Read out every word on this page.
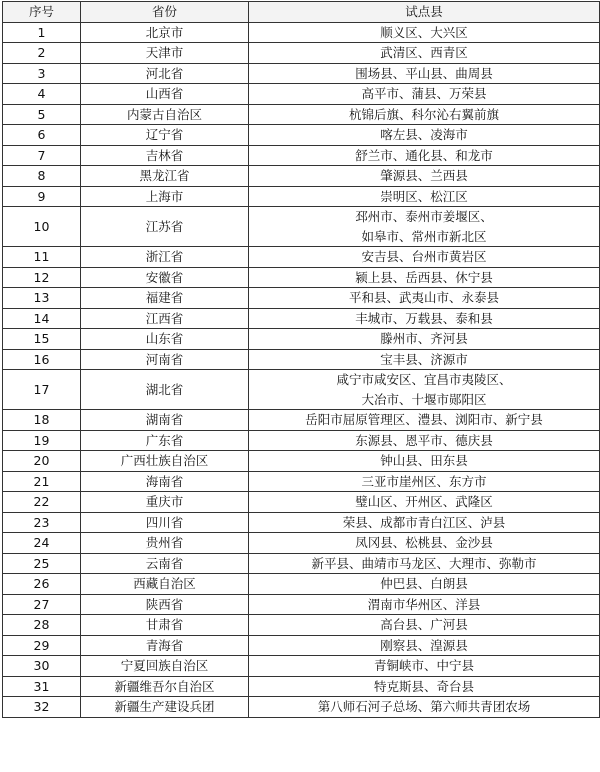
序号	省份	试点县
1	北京市	顺义区、大兴区

2	天津市	武清区、西青区

3	河北省	围场县、平山县、曲周县

4	山西省	高平市、蒲县、万荣县

5	内蒙古自治区	杭锦后旗、科尔沁右翼前旗

6	辽宁省	喀左县、凌海市

7	吉林省	舒兰市、通化县、和龙市

8	黑龙江省	肇源县、兰西县

9	上海市	崇明区、松江区

10	江苏省	邳州市、泰州市姜堰区、
如皋市、常州市新北区

11	浙江省	安吉县、台州市黄岩区

12	安徽省	颍上县、岳西县、休宁县

13	福建省	平和县、武夷山市、永泰县

14	江西省	丰城市、万载县、泰和县

15	山东省	滕州市、齐河县

16	河南省	宝丰县、济源市

17	湖北省	咸宁市咸安区、宜昌市夷陵区、
大冶市、十堰市郧阳区

18	湖南省	岳阳市屈原管理区、澧县、浏阳市、新宁县

19	广东省	东源县、恩平市、德庆县

20	广西壮族自治区	钟山县、田东县

21	海南省	三亚市崖州区、东方市

22	重庆市	璧山区、开州区、武隆区

23	四川省	荣县、成都市青白江区、泸县

24	贵州省	凤冈县、松桃县、金沙县

25	云南省	新平县、曲靖市马龙区、大理市、弥勒市

26	西藏自治区	仲巴县、白朗县

27	陕西省	渭南市华州区、洋县

28	甘肃省	高台县、广河县

29	青海省	刚察县、湟源县

30	宁夏回族自治区	青铜峡市、中宁县

31	新疆维吾尔自治区	特克斯县、奇台县

32	新疆生产建设兵团	第八师石河子总场、第六师共青团农场
